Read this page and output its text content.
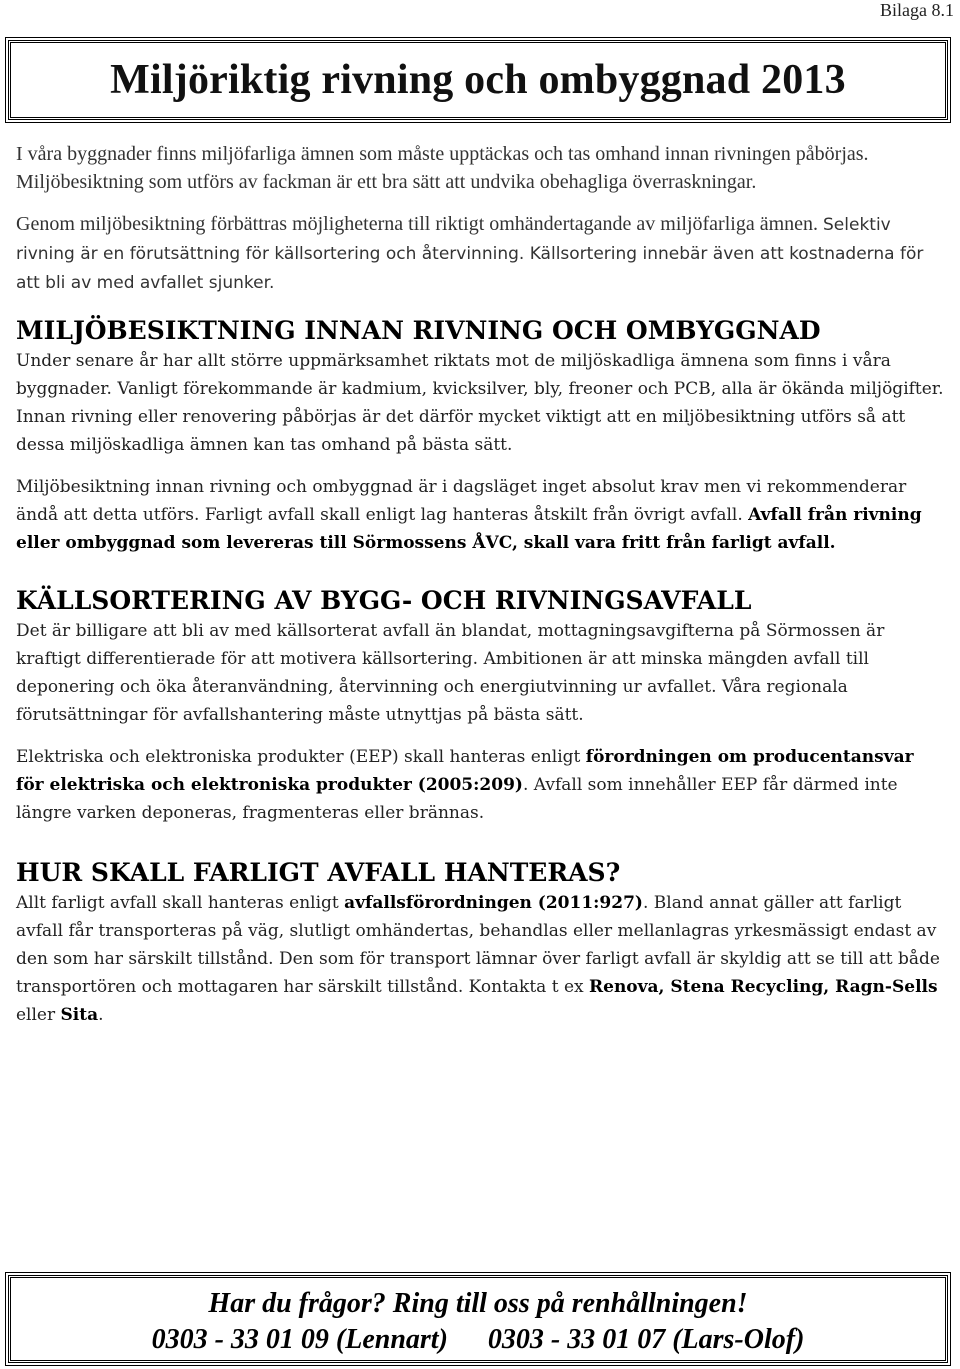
Bilaga 8.1
Miljöriktig rivning och ombyggnad 2013

I våra byggnader finns miljöfarliga ämnen som måste upptäckas och tas omhand innan rivningen påbörjas. Miljöbesiktning som utförs av fackman är ett bra sätt att undvika obehagliga överraskningar.

Genom miljöbesiktning förbättras möjligheterna till riktigt omhändertagande av miljöfarliga ämnen. Selektiv rivning är en förutsättning för källsortering och återvinning. Källsortering innebär även att kostnaderna för att bli av med avfallet sjunker.

MILJÖBESIKTNING INNAN RIVNING OCH OMBYGGNAD

Under senare år har allt större uppmärksamhet riktats mot de miljöskadliga ämnena som finns i våra byggnader. Vanligt förekommande är kadmium, kvicksilver, bly, freoner och PCB, alla är ökända miljögifter. Innan rivning eller renovering påbörjas är det därför mycket viktigt att en miljöbesiktning utförs så att dessa miljöskadliga ämnen kan tas omhand på bästa sätt.

Miljöbesiktning innan rivning och ombyggnad är i dagsläget inget absolut krav men vi rekommenderar ändå att detta utförs. Farligt avfall skall enligt lag hanteras åtskilt från övrigt avfall. Avfall från rivning eller ombyggnad som levereras till Sörmossens ÅVC, skall vara fritt från farligt avfall.

KÄLLSORTERING AV BYGG- OCH RIVNINGSAVFALL

Det är billigare att bli av med källsorterat avfall än blandat, mottagningsavgifterna på Sörmossen är kraftigt differentierade för att motivera källsortering. Ambitionen är att minska mängden avfall till deponering och öka återanvändning, återvinning och energiutvinning ur avfallet. Våra regionala förutsättningar för avfallshantering måste utnyttjas på bästa sätt.

Elektriska och elektroniska produkter (EEP) skall hanteras enligt förordningen om producentansvar för elektriska och elektroniska produkter (2005:209). Avfall som innehåller EEP får därmed inte längre varken deponeras, fragmenteras eller brännas.

HUR SKALL FARLIGT AVFALL HANTERAS?

Allt farligt avfall skall hanteras enligt avfallsförordningen (2011:927). Bland annat gäller att farligt avfall får transporteras på väg, slutligt omhändertas, behandlas eller mellanlagras yrkesmässigt endast av den som har särskilt tillstånd. Den som för transport lämnar över farligt avfall är skyldig att se till att både transportören och mottagaren har särskilt tillstånd. Kontakta t ex Renova, Stena Recycling, Ragn-Sells eller Sita.

Har du frågor? Ring till oss på renhållningen!
0303 - 33 01 09 (Lennart) 0303 - 33 01 07 (Lars-Olof)
